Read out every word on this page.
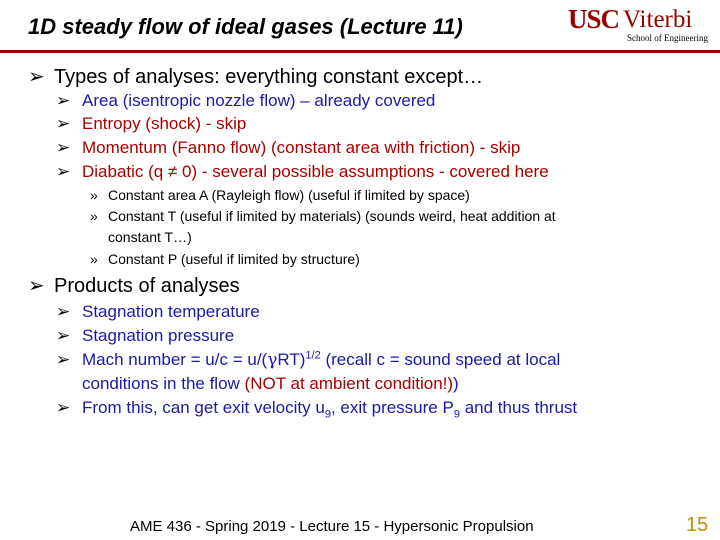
1D steady flow of ideal gases (Lecture 11)	USC Viterbi
School of Engineering
➢ Types of analyses: everything constant except…
➢ Area (isentropic nozzle flow) – already covered
➢ Entropy (shock) - skip
➢ Momentum (Fanno flow) (constant area with friction) - skip
➢ Diabatic (q ≠ 0) - several possible assumptions - covered here
» Constant area A (Rayleigh flow) (useful if limited by space)
» Constant T (useful if limited by materials) (sounds weird, heat addition at
constant T…)
» Constant P (useful if limited by structure)
➢ Products of analyses
➢ Stagnation temperature
➢ Stagnation pressure
➢ Mach number = $u/c = u/(\gamma RT)^{1/2}$ (recall c = sound speed at local
conditions in the flow (NOT at ambient condition!))
➢ From this, can get exit velocity $u_9$, exit pressure $P_9$ and thus thrust
AME 436 - Spring 2019 - Lecture 15 - Hypersonic Propulsion	15
